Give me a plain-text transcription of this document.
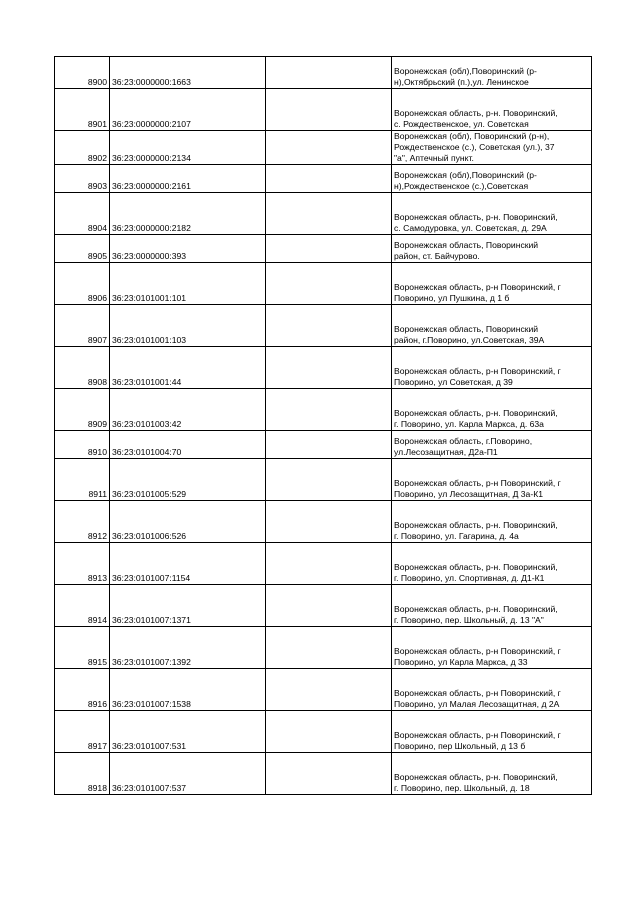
8900	36:23:0000000:1663		Воронежская (обл),Поворинский (р-
н),Октябрьский (п.),ул. Ленинское
8901	36:23:0000000:2107		Воронежская область, р-н. Поворинский,
с. Рождественское, ул. Советская
8902	36:23:0000000:2134		Воронежская (обл), Поворинский (р-н),
Рождественское (с.), Советская (ул.), 37
"а", Аптечный пункт.
8903	36:23:0000000:2161		Воронежская (обл),Поворинский (р-
н),Рождественское (с.),Советская
8904	36:23:0000000:2182		Воронежская область, р-н. Поворинский,
с. Самодуровка, ул. Советская, д. 29А
8905	36:23:0000000:393		Воронежская область, Поворинский
район, ст. Байчурово.
8906	36:23:0101001:101		Воронежская область, р-н Поворинский, г
Поворино, ул Пушкина, д 1 б
8907	36:23:0101001:103		Воронежская область, Поворинский
район, г.Поворино, ул.Советская, 39А
8908	36:23:0101001:44		Воронежская область, р-н Поворинский, г
Поворино, ул Советская, д 39
8909	36:23:0101003:42		Воронежская область, р-н. Поворинский,
г. Поворино, ул. Карла Маркса, д. 63а
8910	36:23:0101004:70		Воронежская область, г.Поворино,
ул.Лесозащитная, Д2а-П1
8911	36:23:0101005:529		Воронежская область, р-н Поворинский, г
Поворино, ул Лесозащитная, Д 3а-К1
8912	36:23:0101006:526		Воронежская область, р-н. Поворинский,
г. Поворино, ул. Гагарина, д. 4а
8913	36:23:0101007:1154		Воронежская область, р-н. Поворинский,
г. Поворино, ул. Спортивная, д. Д1-К1
8914	36:23:0101007:1371		Воронежская область, р-н. Поворинский,
г. Поворино, пер. Школьный, д. 13 "А"
8915	36:23:0101007:1392		Воронежская область, р-н Поворинский, г
Поворино, ул Карла Маркса, д 33
8916	36:23:0101007:1538		Воронежская область, р-н Поворинский, г
Поворино, ул Малая Лесозащитная, д 2А
8917	36:23:0101007:531		Воронежская область, р-н Поворинский, г
Поворино, пер Школьный, д 13 б
8918	36:23:0101007:537		Воронежская область, р-н. Поворинский,
г. Поворино, пер. Школьный, д. 18
